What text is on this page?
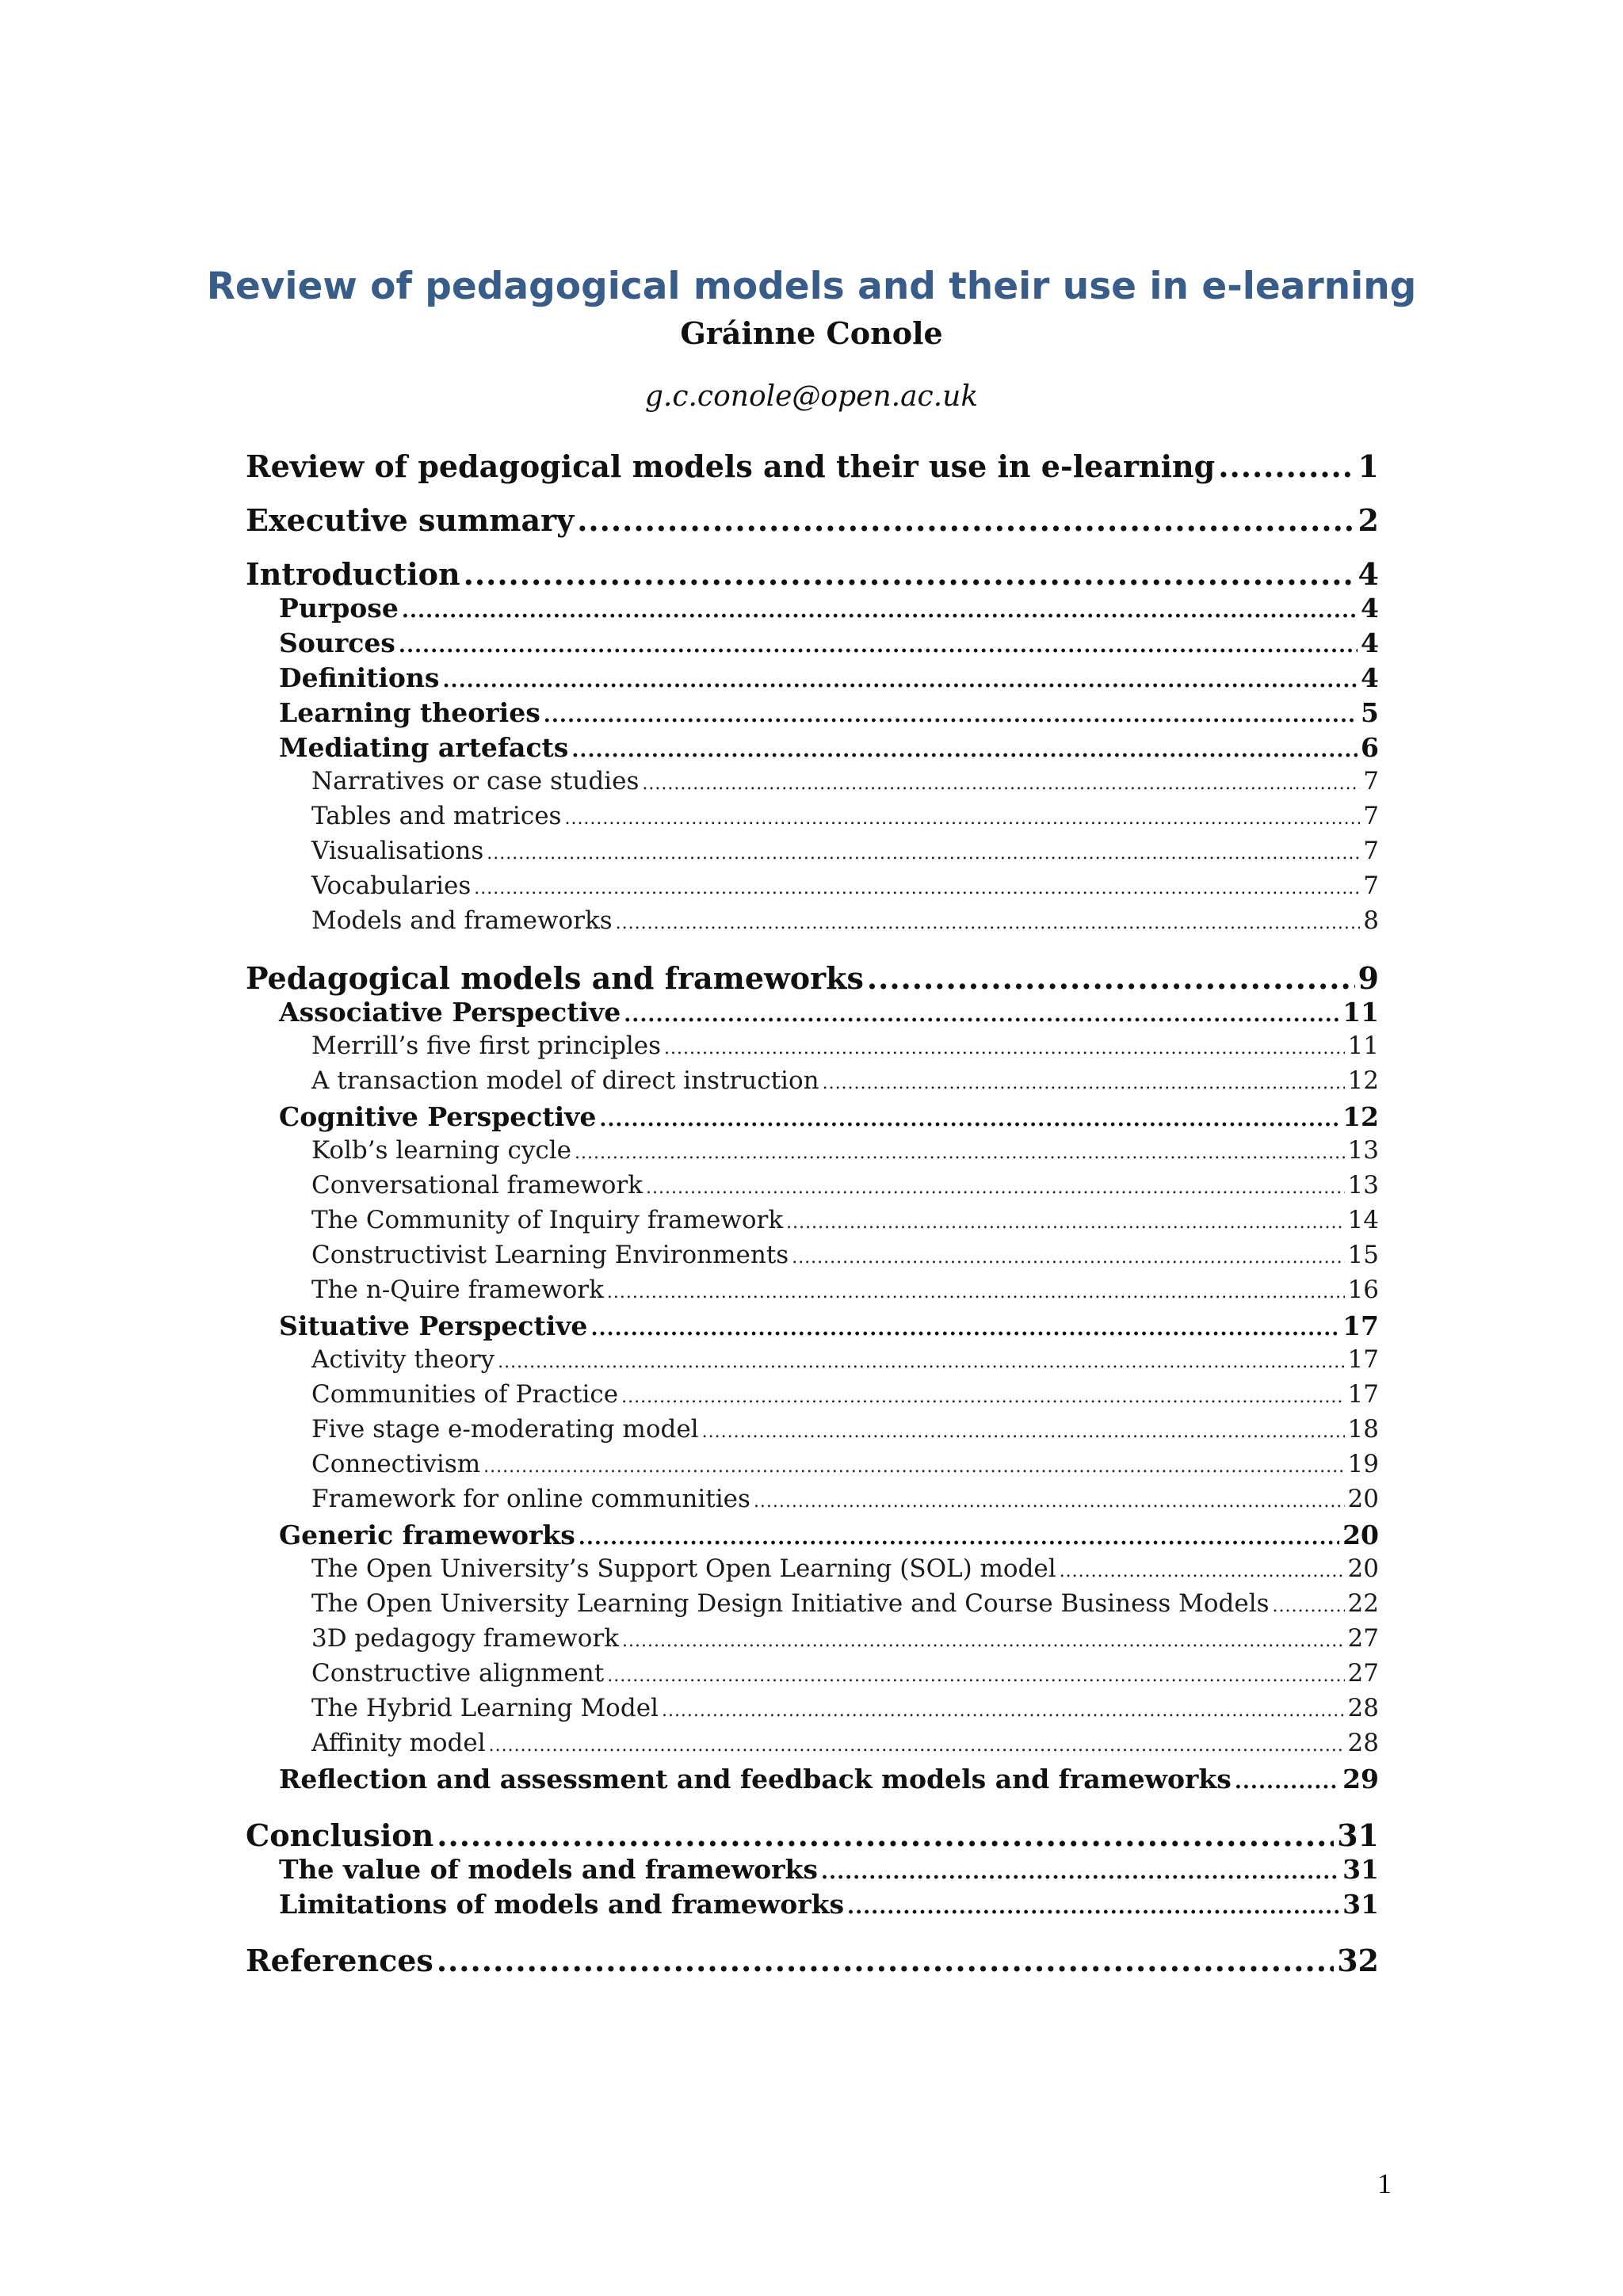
Review of pedagogical models and their use in e-learning
Gráinne Conole
g.c.conole@open.ac.uk
Review of pedagogical models and their use in e-learning .....	1
Executive summary .....	2
Introduction .....	4
Purpose .....	4
Sources .....	4
Definitions .....	4
Learning theories .....	5
Mediating artefacts .....	6
Narratives or case studies .....	7
Tables and matrices .....	7
Visualisations .....	7
Vocabularies .....	7
Models and frameworks .....	8
Pedagogical models and frameworks .....	9
Associative Perspective .....	11
Merrill’s five first principles .....	11
A transaction model of direct instruction .....	12
Cognitive Perspective .....	12
Kolb’s learning cycle .....	13
Conversational framework .....	13
The Community of Inquiry framework .....	14
Constructivist Learning Environments .....	15
The n-Quire framework .....	16
Situative Perspective .....	17
Activity theory .....	17
Communities of Practice .....	17
Five stage e-moderating model .....	18
Connectivism .....	19
Framework for online communities .....	20
Generic frameworks .....	20
The Open University’s Support Open Learning (SOL) model .....	20
The Open University Learning Design Initiative and Course Business Models .....	22
3D pedagogy framework .....	27
Constructive alignment .....	27
The Hybrid Learning Model .....	28
Affinity model .....	28
Reflection and assessment and feedback models and frameworks .....	29
Conclusion .....	31
The value of models and frameworks .....	31
Limitations of models and frameworks .....	31
References .....	32
1
